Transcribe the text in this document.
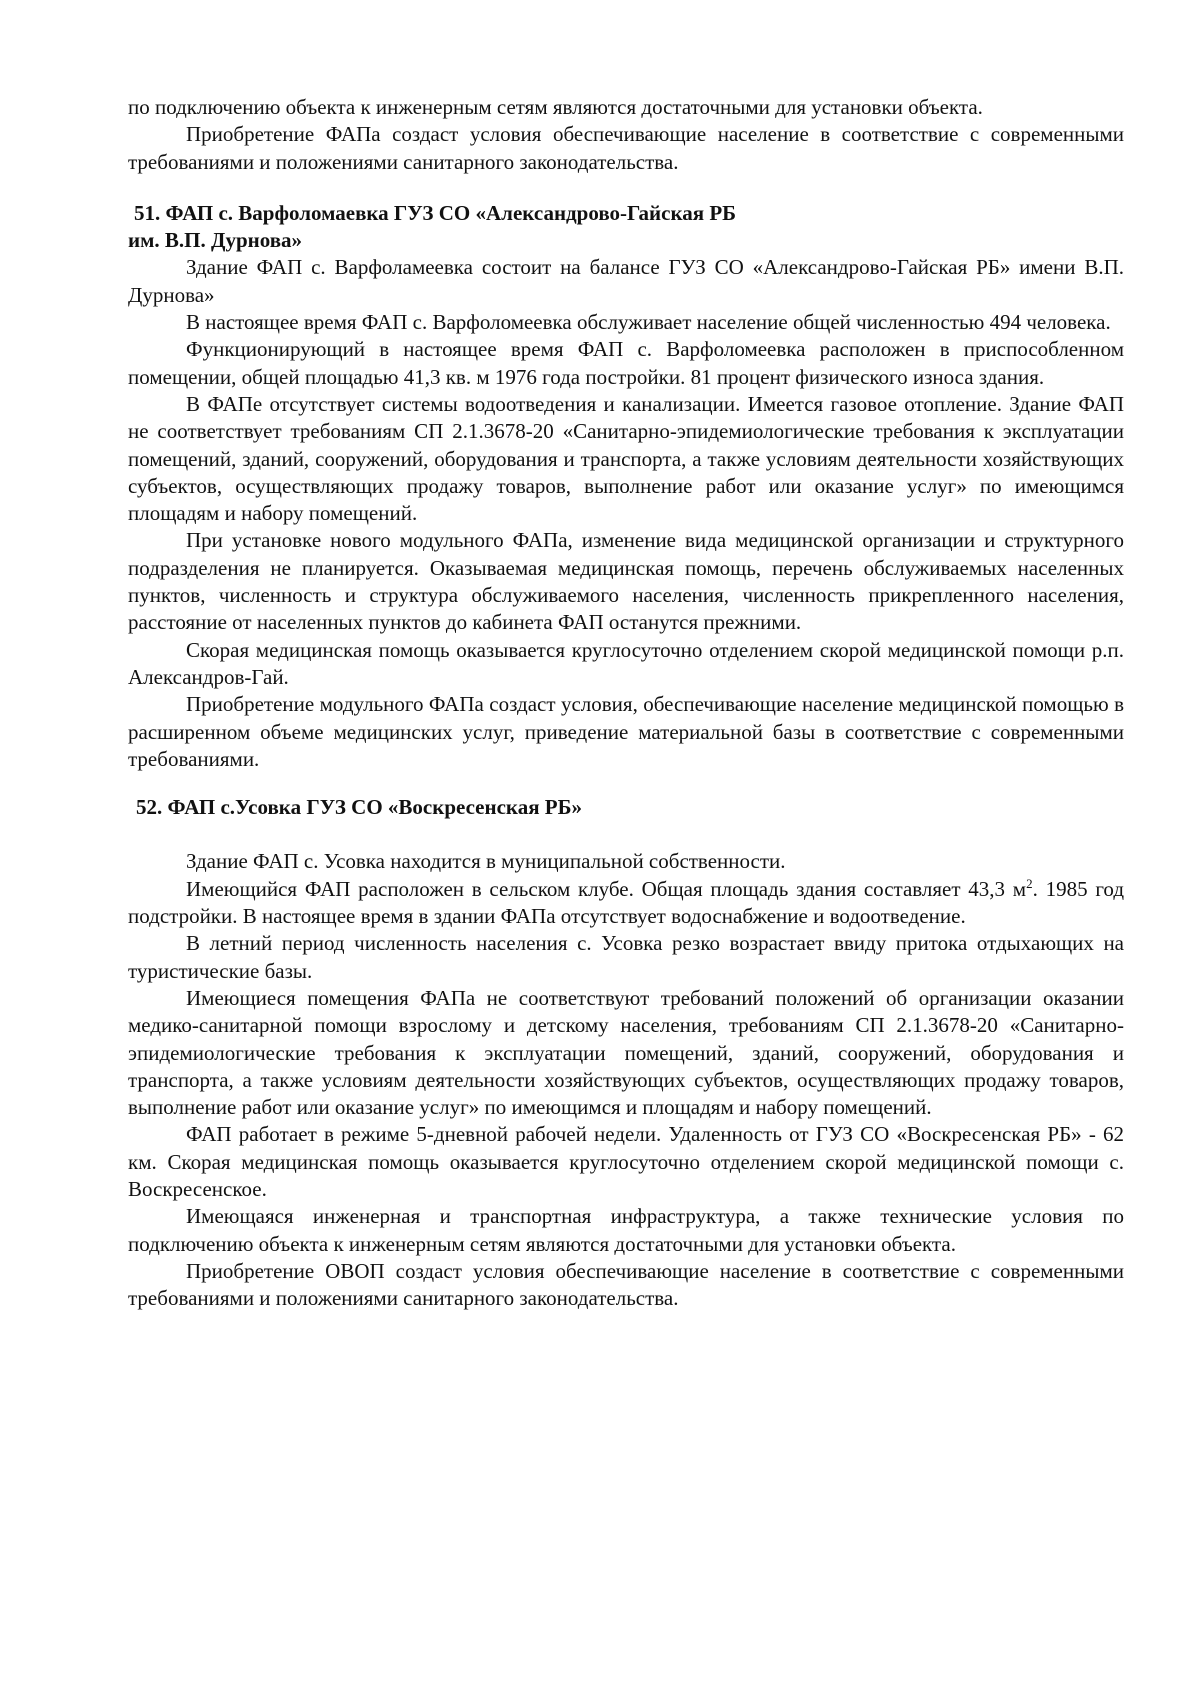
по подключению объекта к инженерным сетям являются достаточными для установки объекта.

Приобретение ФАПа создаст условия обеспечивающие население в соответствие с современными требованиями и положениями санитарного законодательства.

51. ФАП с. Варфоломаевка ГУЗ СО «Александрово-Гайская РБ

им. В.П. Дурнова»

Здание ФАП с. Варфоламеевка состоит на балансе ГУЗ СО «Александрово-Гайская РБ» имени В.П. Дурнова»

В настоящее время ФАП с. Варфоломеевка обслуживает население общей численностью 494 человека.

Функционирующий в настоящее время ФАП с. Варфоломеевка расположен в приспособленном помещении, общей площадью 41,3 кв. м 1976 года постройки. 81 процент физического износа здания.

В ФАПе отсутствует системы водоотведения и канализации. Имеется газовое отопление. Здание ФАП не соответствует требованиям СП 2.1.3678-20 «Санитарно-эпидемиологические требования к эксплуатации помещений, зданий, сооружений, оборудования и транспорта, а также условиям деятельности хозяйствующих субъектов, осуществляющих продажу товаров, выполнение работ или оказание услуг» по имеющимся площадям и набору помещений.

При установке нового модульного ФАПа, изменение вида медицинской организации и структурного подразделения не планируется. Оказываемая медицинская помощь, перечень обслуживаемых населенных пунктов, численность и структура обслуживаемого населения, численность прикрепленного населения, расстояние от населенных пунктов до кабинета ФАП останутся прежними.

Скорая медицинская помощь оказывается круглосуточно отделением скорой медицинской помощи р.п. Александров-Гай.

Приобретение модульного ФАПа создаст условия, обеспечивающие население медицинской помощью в расширенном объеме медицинских услуг, приведение материальной базы в соответствие с современными требованиями.

52. ФАП с.Усовка ГУЗ СО «Воскресенская РБ»

Здание ФАП с. Усовка находится в муниципальной собственности.

Имеющийся ФАП расположен в сельском клубе. Общая площадь здания составляет 43,3 $м^2$. 1985 год подстройки. В настоящее время в здании ФАПа отсутствует водоснабжение и водоотведение.

В летний период численность населения с. Усовка резко возрастает ввиду притока отдыхающих на туристические базы.

Имеющиеся помещения ФАПа не соответствуют требований положений об организации оказании медико-санитарной помощи взрослому и детскому населения, требованиям СП 2.1.3678-20 «Санитарно-эпидемиологические требования к эксплуатации помещений, зданий, сооружений, оборудования и транспорта, а также условиям деятельности хозяйствующих субъектов, осуществляющих продажу товаров, выполнение работ или оказание услуг» по имеющимся и площадям и набору помещений.

ФАП работает в режиме 5-дневной рабочей недели. Удаленность от ГУЗ СО «Воскресенская РБ» - 62 км. Скорая медицинская помощь оказывается круглосуточно отделением скорой медицинской помощи с. Воскресенское.

Имеющаяся инженерная и транспортная инфраструктура, а также технические условия по подключению объекта к инженерным сетям являются достаточными для установки объекта.

Приобретение ОВОП создаст условия обеспечивающие население в соответствие с современными требованиями и положениями санитарного законодательства.
